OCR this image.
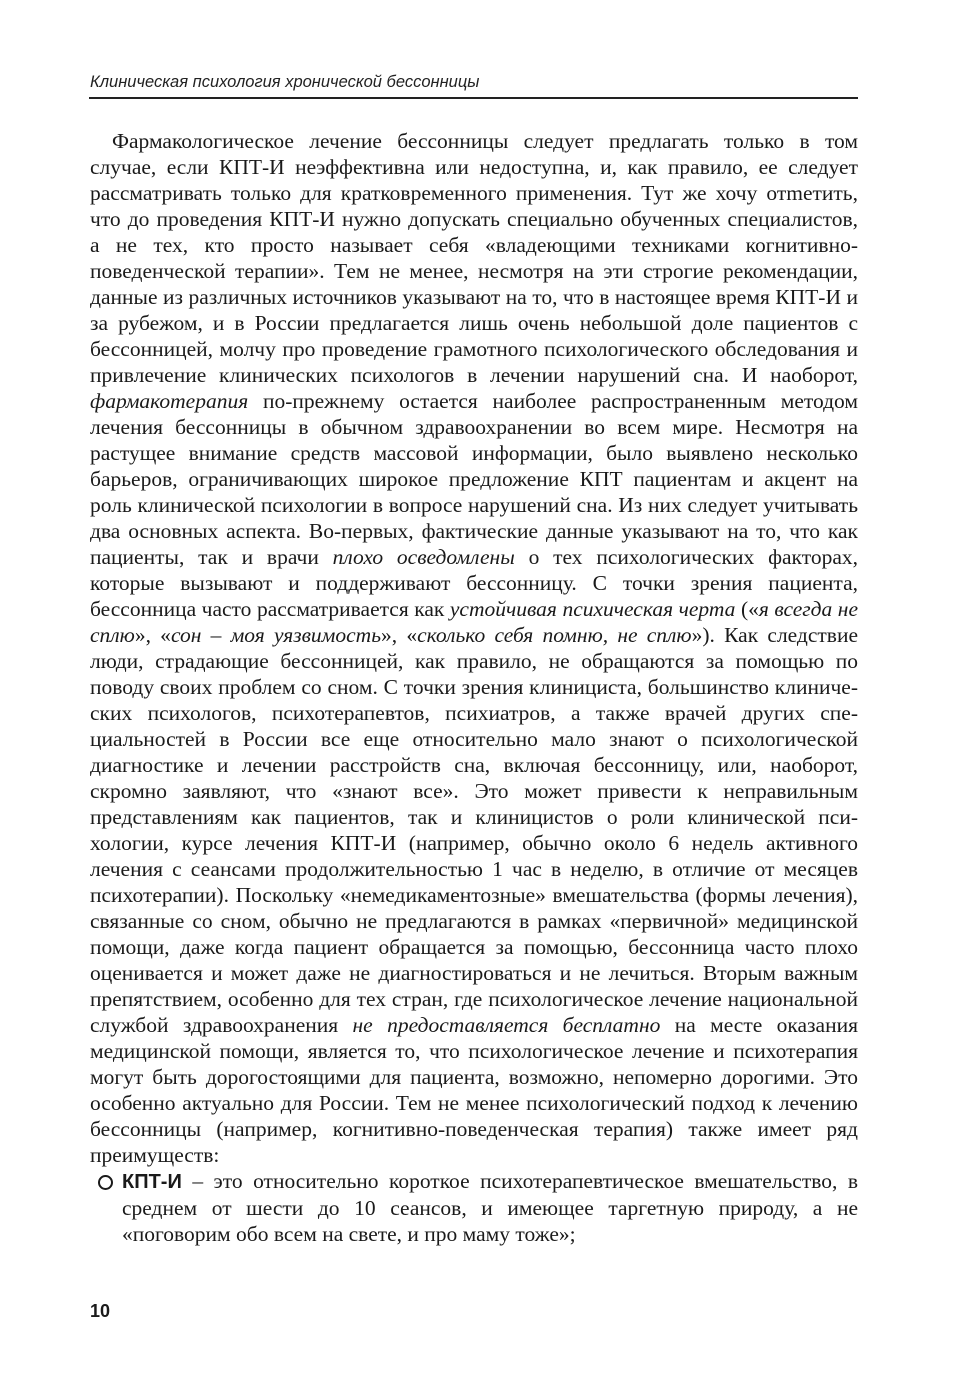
Клиническая психология хронической бессонницы

Фармакологическое лечение бессонницы следует предлагать только в том случае, если КПТ-И неэффективна или недоступна, и, как правило, ее следует рассматривать только для кратковременного применения. Тут же хочу отmетить, что до проведения КПТ-И нужно допускать специально обученных специалистов, а не тех, кто просто называет себя «владеющими техниками когнитивно-поведенческой терапии». Тем не менее, несмотря на эти строгие рекомендации, данные из различных источников указывают на то, что в настоящее время КПТ-И и за рубежом, и в России предлагается лишь очень небольшой доле пациентов с бессонницей, молчу про проведение грамотного психологического обследования и привлечение клинических психологов в лечении нарушений сна. И наоборот, фармакотерапия по-прежнему остается наиболее распространенным методом лечения бессонницы в обычном здравоохранении во всем мире. Несмотря на растущее внимание средств массовой информации, было выявлено несколько барьеров, ограничивающих широкое предложение КПТ пациентам и акцент на роль клинической психологии в вопросе нарушений сна. Из них следует учитывать два основных аспекта. Во-первых, фактические данные указывают на то, что как пациенты, так и врачи плохо осведомлены о тех психологических факторах, которые вызывают и поддерживают бессонницу. С точки зрения пациента, бессонница часто рассматривается как устойчивая психическая черта («я всегда не сплю», «сон – моя уязвимость», «сколько себя помню, не сплю»). Как следствие люди, страдающие бессонницей, как правило, не обращаются за помощью по поводу своих проблем со сном. С точки зрения клинициста, большинство клинических психологов, психотерапевтов, психиатров, а также врачей других специальностей в России все еще относительно мало знают о психологической диагностике и лечении расстройств сна, включая бессонницу, или, наоборот, скромно заявляют, что «знают все». Это может привести к неправильным представлениям как пациентов, так и клиницистов о роли клинической психологии, курсе лечения КПТ-И (например, обычно около 6 недель активного лечения с сеансами продолжительностью 1 час в неделю, в отличие от месяцев психотерапии). Поскольку «немедикаментозные» вмешательства (формы лечения), связанные со сном, обычно не предлагаются в рамках «первичной» медицинской помощи, даже когда пациент обращается за помощью, бессонница часто плохо оценивается и может даже не диагностироваться и не лечиться. Вторым важным препятствием, особенно для тех стран, где психологическое лечение национальной службой здравоохранения не предоставляется бесплатно на месте оказания медицинской помощи, является то, что психологическое лечение и психотерапия могут быть дорогостоящими для пациента, возможно, непомерно дорогими. Это особенно актуально для России. Тем не менее психологический подход к лечению бессонницы (например, когнитивно-поведенческая терапия) также имеет ряд преимуществ:

КПТ-И – это относительно короткое психотерапевтическое вмешательство, в среднем от шести до 10 сеансов, и имеющее таргетную природу, а не «поговорим обо всем на свете, и про маму тоже»;
10
